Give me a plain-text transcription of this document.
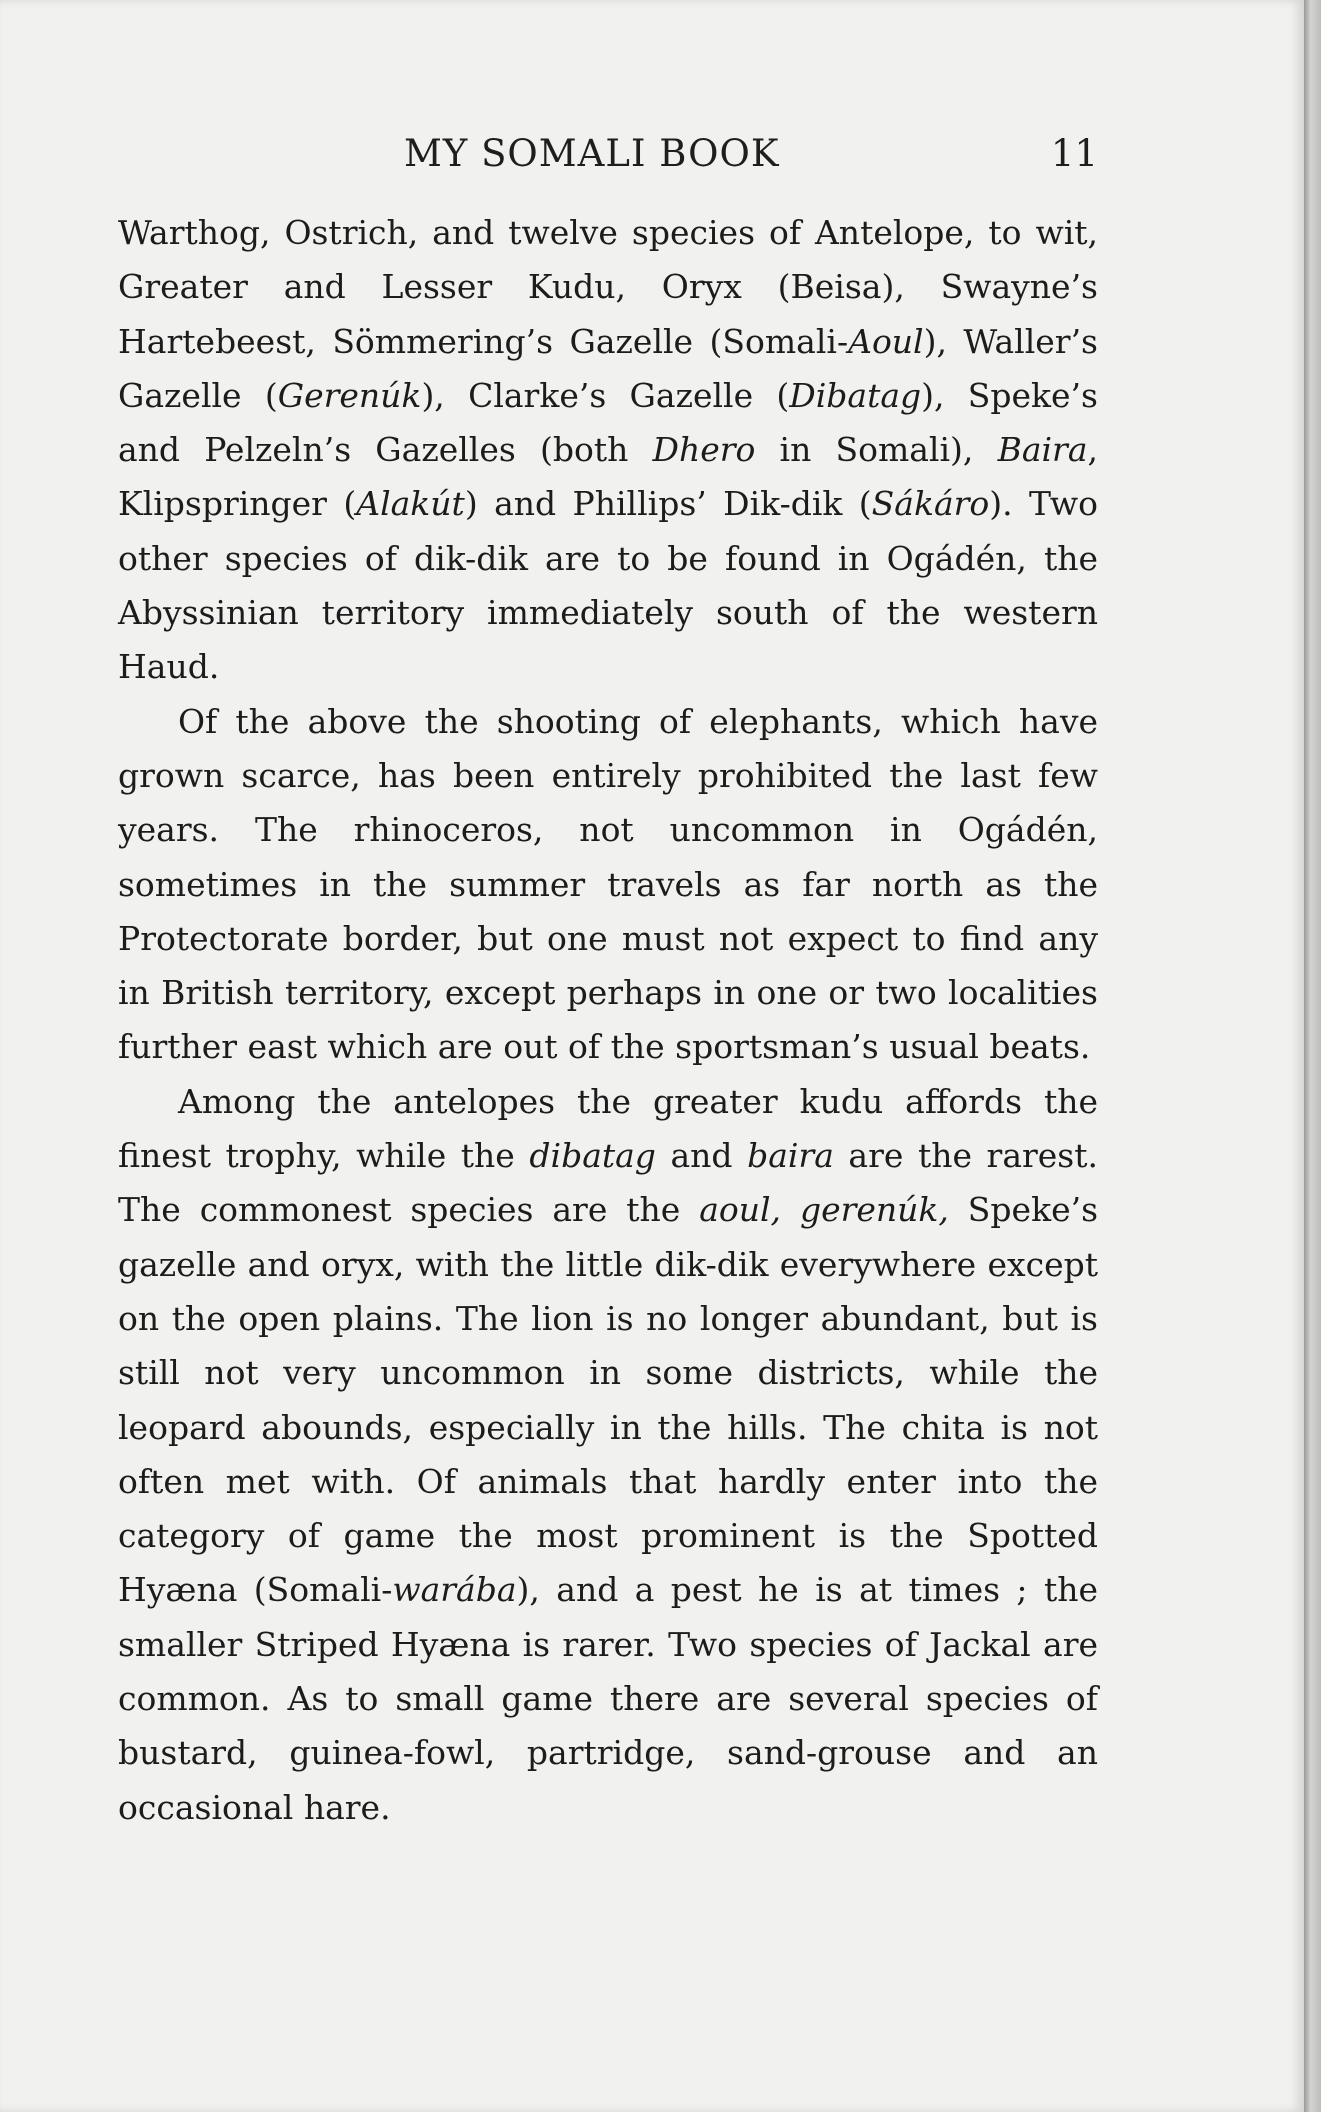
MY SOMALI BOOK	11

Warthog, Ostrich, and twelve species of Antelope, to wit, Greater and Lesser Kudu, Oryx (Beisa), Swayne’s Hartebeest, Sömmering’s Gazelle (Somali-Aoul), Waller’s Gazelle (Gerenúk), Clarke’s Gazelle (Dibatag), Speke’s and Pelzeln’s Gazelles (both Dhero in Somali), Baira, Klipspringer (Alakút) and Phillips’ Dik-dik (Sákáro). Two other species of dik-dik are to be found in Ogádén, the Abyssinian territory immediately south of the western Haud.

Of the above the shooting of elephants, which have grown scarce, has been entirely prohibited the last few years. The rhinoceros, not uncommon in Ogádén, sometimes in the summer travels as far north as the Protectorate border, but one must not expect to find any in British territory, except perhaps in one or two localities further east which are out of the sportsman’s usual beats.

Among the antelopes the greater kudu affords the finest trophy, while the dibatag and baira are the rarest. The commonest species are the aoul, gerenúk, Speke’s gazelle and oryx, with the little dik-dik everywhere except on the open plains. The lion is no longer abundant, but is still not very uncommon in some districts, while the leopard abounds, especially in the hills. The chita is not often met with. Of animals that hardly enter into the category of game the most prominent is the Spotted Hyæna (Somali-warába), and a pest he is at times ; the smaller Striped Hyæna is rarer. Two species of Jackal are common. As to small game there are several species of bustard, guinea-fowl, partridge, sand-grouse and an occasional hare.
